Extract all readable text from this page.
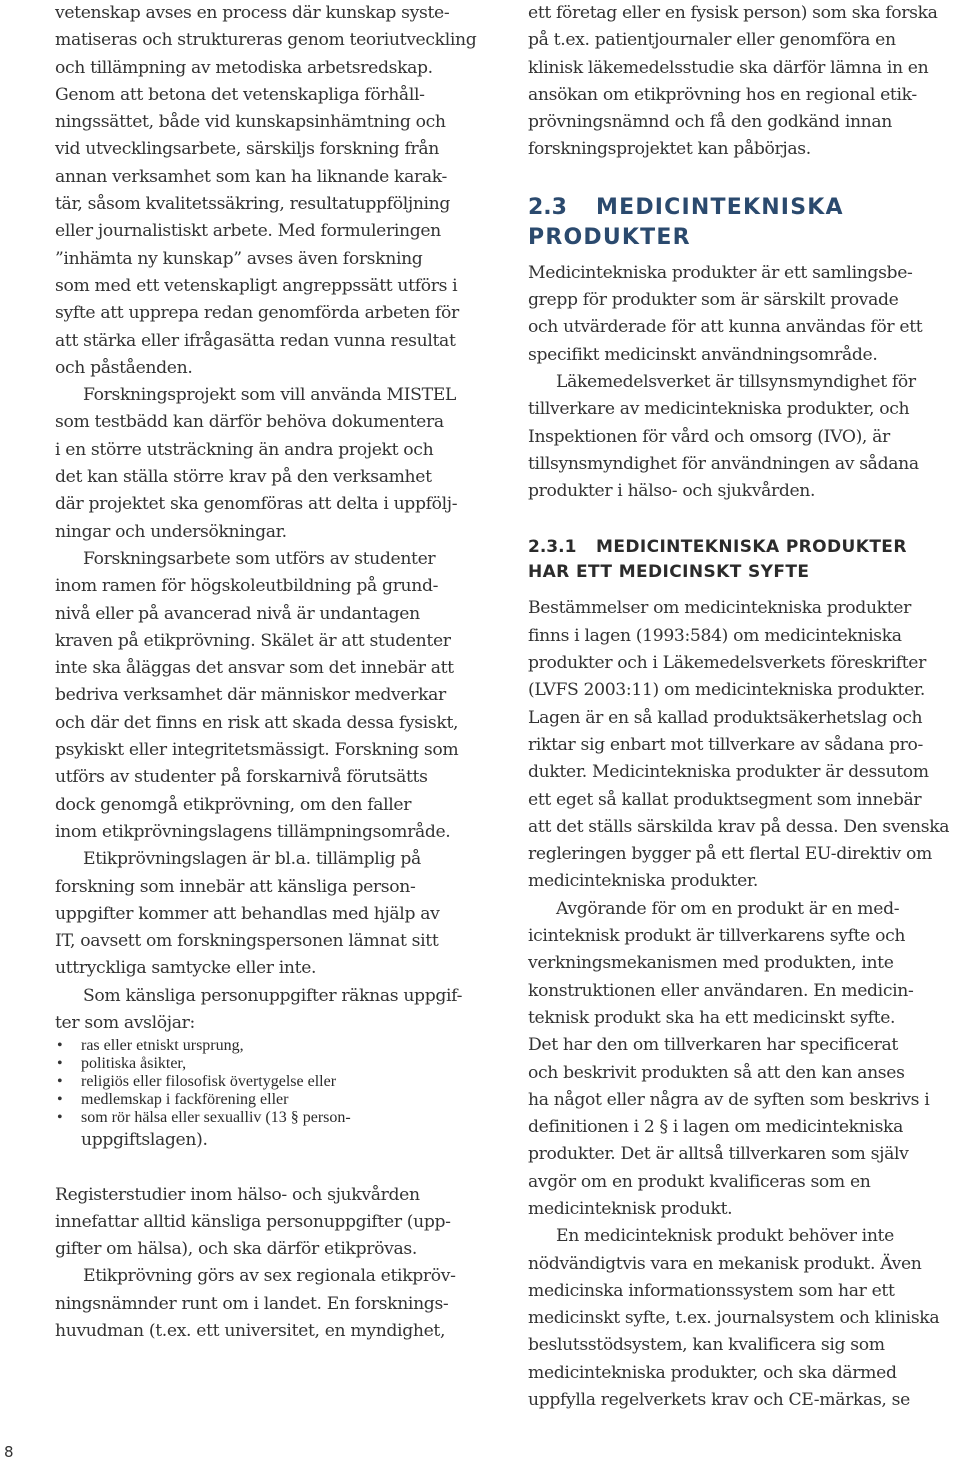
vetenskap avses en process där kunskap syste-
matiseras och struktureras genom teoriutveckling
och tillämpning av metodiska arbetsredskap.
Genom att betona det vetenskapliga förhåll-
ningssättet, både vid kunskapsinhämtning och
vid utvecklingsarbete, särskiljs forskning från
annan verksamhet som kan ha liknande karak-
tär, såsom kvalitetssäkring, resultatuppföljning
eller journalistiskt arbete. Med formuleringen
”inhämta ny kunskap” avses även forskning
som med ett vetenskapligt angreppssätt utförs i
syfte att upprepa redan genomförda arbeten för
att stärka eller ifrågasätta redan vunna resultat
och påståenden.
Forskningsprojekt som vill använda MISTEL
som testbädd kan därför behöva dokumentera
i en större utsträckning än andra projekt och
det kan ställa större krav på den verksamhet
där projektet ska genomföras att delta i uppfölj-
ningar och undersökningar.
Forskningsarbete som utförs av studenter
inom ramen för högskoleutbildning på grund-
nivå eller på avancerad nivå är undantagen
kraven på etikprövning. Skälet är att studenter
inte ska åläggas det ansvar som det innebär att
bedriva verksamhet där människor medverkar
och där det finns en risk att skada dessa fysiskt,
psykiskt eller integritetsmässigt. Forskning som
utförs av studenter på forskarnivå förutsätts
dock genomgå etikprövning, om den faller
inom etikprövningslagens tillämpningsområde.
Etikprövningslagen är bl.a. tillämplig på
forskning som innebär att känsliga person-
uppgifter kommer att behandlas med hjälp av
IT, oavsett om forskningspersonen lämnat sitt
uttryckliga samtycke eller inte.
Som känsliga personuppgifter räknas uppgif-
ter som avslöjar:
• ras eller etniskt ursprung,
• politiska åsikter,
• religiös eller filosofisk övertygelse eller
• medlemskap i fackförening eller
• som rör hälsa eller sexualliv (13 § person-
uppgiftslagen).
Registerstudier inom hälso- och sjukvården
innefattar alltid känsliga personuppgifter (upp-
gifter om hälsa), och ska därför etikprövas.
Etikprövning görs av sex regionala etikpröv-
ningsnämnder runt om i landet. En forsknings-
huvudman (t.ex. ett universitet, en myndighet,
ett företag eller en fysisk person) som ska forska
på t.ex. patientjournaler eller genomföra en
klinisk läkemedelsstudie ska därför lämna in en
ansökan om etikprövning hos en regional etik-
prövningsnämnd och få den godkänd innan
forskningsprojektet kan påbörjas.
2.3 MEDICINTEKNISKA
PRODUKTER
Medicintekniska produkter är ett samlingsbe-
grepp för produkter som är särskilt provade
och utvärderade för att kunna användas för ett
specifikt medicinskt användningsområde.
Läkemedelsverket är tillsynsmyndighet för
tillverkare av medicintekniska produkter, och
Inspektionen för vård och omsorg (IVO), är
tillsynsmyndighet för användningen av sådana
produkter i hälso- och sjukvården.
2.3.1 MEDICINTEKNISKA PRODUKTER
HAR ETT MEDICINSKT SYFTE
Bestämmelser om medicintekniska produkter
finns i lagen (1993:584) om medicintekniska
produkter och i Läkemedelsverkets föreskrifter
(LVFS 2003:11) om medicintekniska produkter.
Lagen är en så kallad produktsäkerhetslag och
riktar sig enbart mot tillverkare av sådana pro-
dukter. Medicintekniska produkter är dessutom
ett eget så kallat produktsegment som innebär
att det ställs särskilda krav på dessa. Den svenska
regleringen bygger på ett flertal EU-direktiv om
medicintekniska produkter.
Avgörande för om en produkt är en med-
icinteknisk produkt är tillverkarens syfte och
verkningsmekanismen med produkten, inte
konstruktionen eller användaren. En medicin-
teknisk produkt ska ha ett medicinskt syfte.
Det har den om tillverkaren har specificerat
och beskrivit produkten så att den kan anses
ha något eller några av de syften som beskrivs i
definitionen i 2 § i lagen om medicintekniska
produkter. Det är alltså tillverkaren som själv
avgör om en produkt kvalificeras som en
medicinteknisk produkt.
En medicinteknisk produkt behöver inte
nödvändigtvis vara en mekanisk produkt. Även
medicinska informationssystem som har ett
medicinskt syfte, t.ex. journalsystem och kliniska
beslutsstödsystem, kan kvalificera sig som
medicintekniska produkter, och ska därmed
uppfylla regelverkets krav och CE-märkas, se
8
